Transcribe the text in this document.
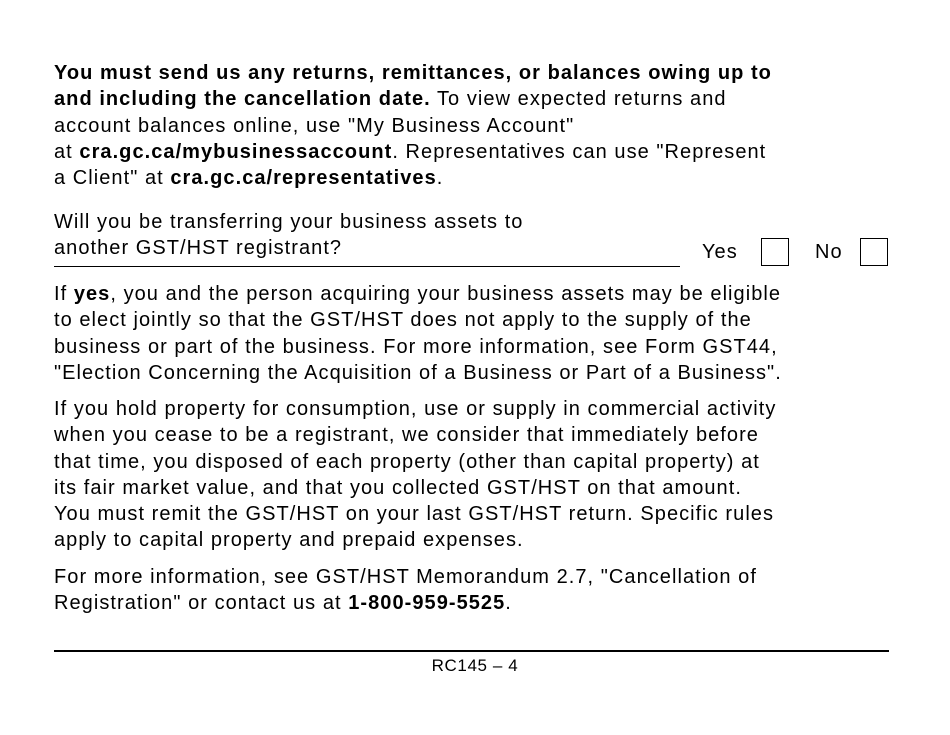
You must send us any returns, remittances, or balances owing up to
and including the cancellation date. To view expected returns and
account balances online, use "My Business Account"
at cra.gc.ca/mybusinessaccount. Representatives can use "Represent
a Client" at cra.gc.ca/representatives.

Will you be transferring your business assets to
another GST/HST registrant?	Yes	No

If yes, you and the person acquiring your business assets may be eligible
to elect jointly so that the GST/HST does not apply to the supply of the
business or part of the business. For more information, see Form GST44,
"Election Concerning the Acquisition of a Business or Part of a Business".

If you hold property for consumption, use or supply in commercial activity
when you cease to be a registrant, we consider that immediately before
that time, you disposed of each property (other than capital property) at
its fair market value, and that you collected GST/HST on that amount.
You must remit the GST/HST on your last GST/HST return. Specific rules
apply to capital property and prepaid expenses.

For more information, see GST/HST Memorandum 2.7, "Cancellation of
Registration" or contact us at 1-800-959-5525.

RC145 – 4
